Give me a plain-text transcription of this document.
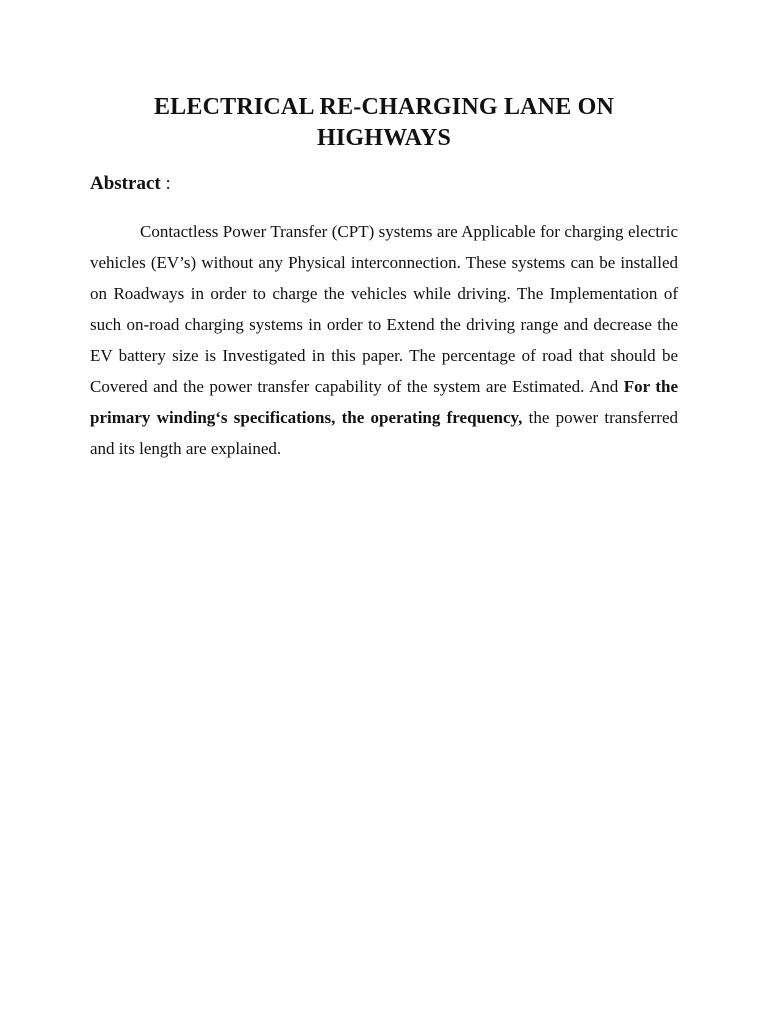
ELECTRICAL RE-CHARGING LANE ON
HIGHWAYS
Abstract :

Contactless Power Transfer (CPT) systems are Applicable for charging electric vehicles (EV’s) without any Physical interconnection. These systems can be installed on Roadways in order to charge the vehicles while driving. The Implementation of such on-road charging systems in order to Extend the driving range and decrease the EV battery size is Investigated in this paper. The percentage of road that should be Covered and the power transfer capability of the system are Estimated. And For the primary winding‘s specifications, the operating frequency, the power transferred and its length are explained.
